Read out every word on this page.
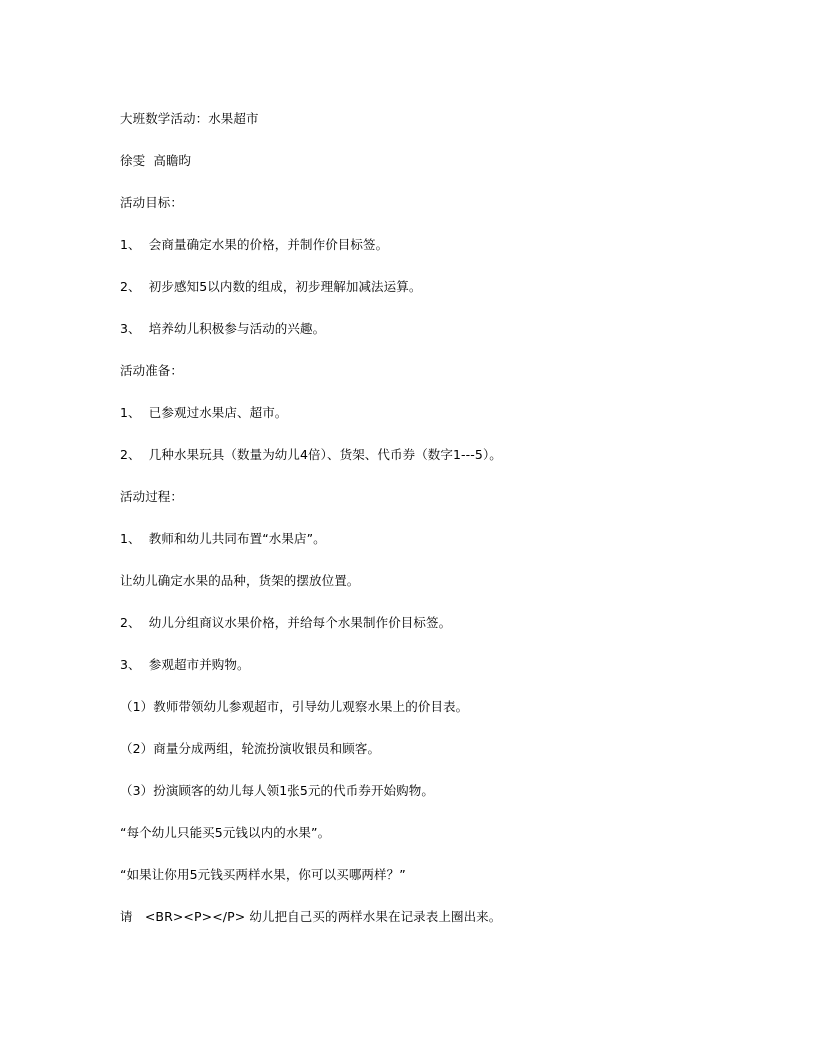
大班数学活动：水果超市
徐雯  高瞻昀
活动目标：
1、  会商量确定水果的价格，并制作价目标签。
2、  初步感知5以内数的组成，初步理解加减法运算。
3、  培养幼儿积极参与活动的兴趣。
活动准备：
1、  已参观过水果店、超市。
2、  几种水果玩具（数量为幼儿4倍）、货架、代币券（数字1---5）。
活动过程：
1、  教师和幼儿共同布置“水果店”。
让幼儿确定水果的品种，货架的摆放位置。
2、  幼儿分组商议水果价格，并给每个水果制作价目标签。
3、  参观超市并购物。
（1）教师带领幼儿参观超市，引导幼儿观察水果上的价目表。
（2）商量分成两组，轮流扮演收银员和顾客。
（3）扮演顾客的幼儿每人领1张5元的代币券开始购物。
“每个幼儿只能买5元钱以内的水果”。
“如果让你用5元钱买两样水果，你可以买哪两样？”
请   <BR><P></P> 幼儿把自己买的两样水果在记录表上圈出来。
